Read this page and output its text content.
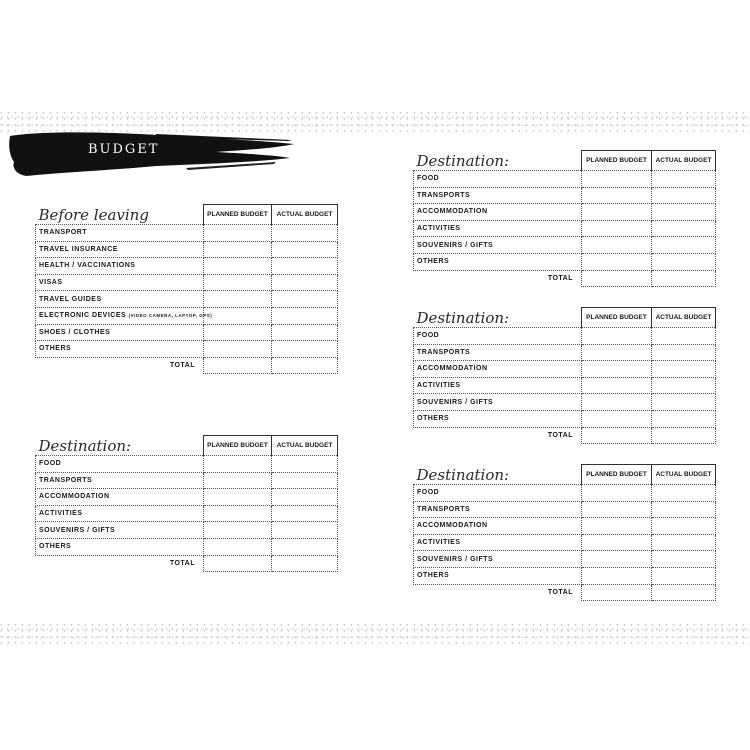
BUDGET
Before leaving	PLANNED BUDGET	ACTUAL BUDGET
TRANSPORT		
TRAVEL INSURANCE		
HEALTH / VACCINATIONS		
VISAS		
TRAVEL GUIDES		
ELECTRONIC DEVICES (VIDEO CAMERA, LAPTOP, GPS)		
SHOES / CLOTHES		
OTHERS		
TOTAL		
Destination:	PLANNED BUDGET	ACTUAL BUDGET
FOOD		
TRANSPORTS		
ACCOMMODATION		
ACTIVITIES		
SOUVENIRS / GIFTS		
OTHERS		
TOTAL		
Destination:	PLANNED BUDGET	ACTUAL BUDGET
FOOD		
TRANSPORTS		
ACCOMMODATION		
ACTIVITIES		
SOUVENIRS / GIFTS		
OTHERS		
TOTAL		
Destination:	PLANNED BUDGET	ACTUAL BUDGET
FOOD		
TRANSPORTS		
ACCOMMODATION		
ACTIVITIES		
SOUVENIRS / GIFTS		
OTHERS		
TOTAL		
Destination:	PLANNED BUDGET	ACTUAL BUDGET
FOOD		
TRANSPORTS		
ACCOMMODATION		
ACTIVITIES		
SOUVENIRS / GIFTS		
OTHERS		
TOTAL		
